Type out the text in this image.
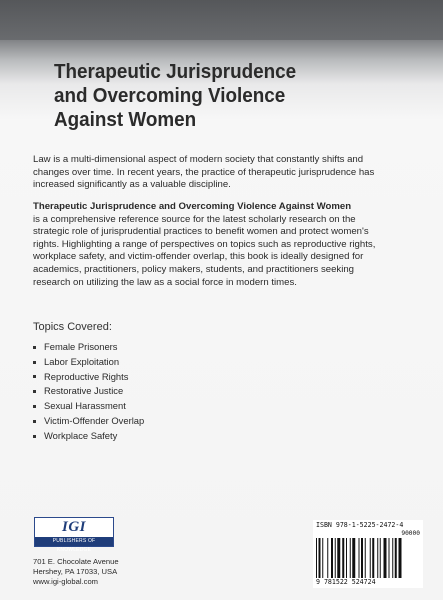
Therapeutic Jurisprudence
and Overcoming Violence
Against Women

Law is a multi-dimensional aspect of modern society that constantly shifts and changes over time. In recent years, the practice of therapeutic jurisprudence has increased significantly as a valuable discipline.

Therapeutic Jurisprudence and Overcoming Violence Against Women
is a comprehensive reference source for the latest scholarly research on the strategic role of jurisprudential practices to benefit women and protect women's rights. Highlighting a range of perspectives on topics such as reproductive rights, workplace safety, and victim-offender overlap, this book is ideally designed for academics, practitioners, policy makers, students, and practitioners seeking research on utilizing the law as a social force in modern times.

Topics Covered:

Female Prisoners
Labor Exploitation
Reproductive Rights
Restorative Justice
Sexual Harassment
Victim-Offender Overlap
Workplace Safety
IGI
PUBLISHERS OF KNOWLEDGE
701 E. Chocolate Avenue
Hershey, PA 17033, USA
www.igi-global.com
ISBN 978-1-5225-2472-4
90000
9 781522 524724
